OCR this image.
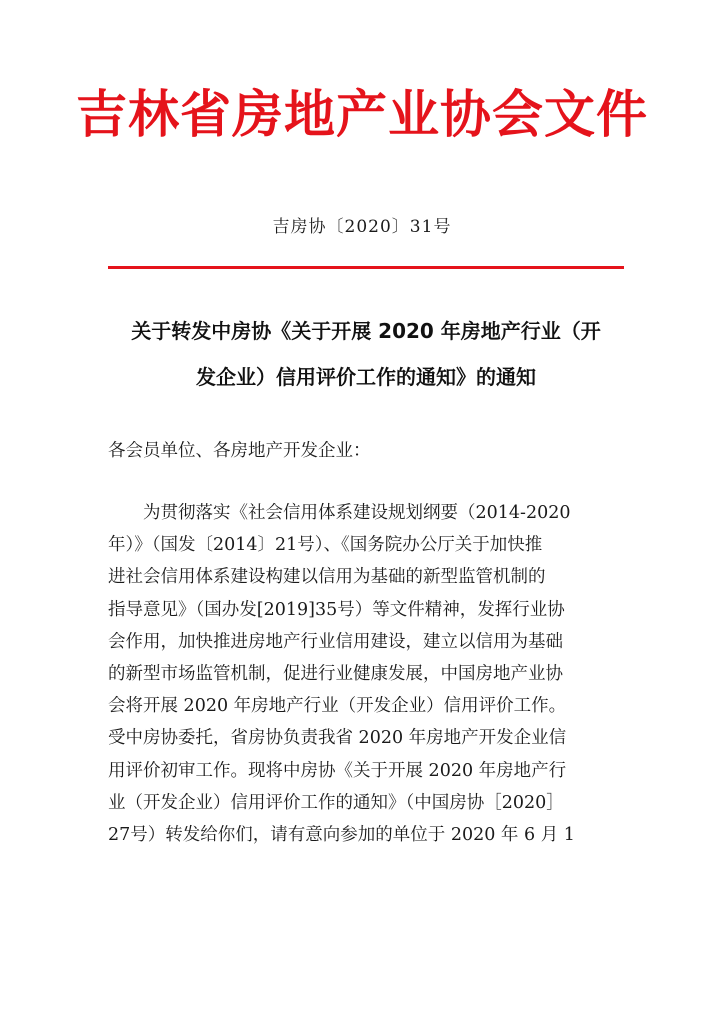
吉林省房地产业协会文件
吉房协〔2020〕31号
关于转发中房协《关于开展 2020 年房地产行业（开
发企业）信用评价工作的通知》的通知
各会员单位、各房地产开发企业：
　　为贯彻落实《社会信用体系建设规划纲要（2014-2020
年）》（国发〔2014〕21号）、《国务院办公厅关于加快推
进社会信用体系建设构建以信用为基础的新型监管机制的
指导意见》（国办发[2019]35号）等文件精神，发挥行业协
会作用，加快推进房地产行业信用建设，建立以信用为基础
的新型市场监管机制，促进行业健康发展，中国房地产业协
会将开展 2020 年房地产行业（开发企业）信用评价工作。
受中房协委托，省房协负责我省 2020 年房地产开发企业信
用评价初审工作。现将中房协《关于开展 2020 年房地产行
业（开发企业）信用评价工作的通知》（中国房协［2020］
27号）转发给你们，请有意向参加的单位于 2020 年 6 月 1
